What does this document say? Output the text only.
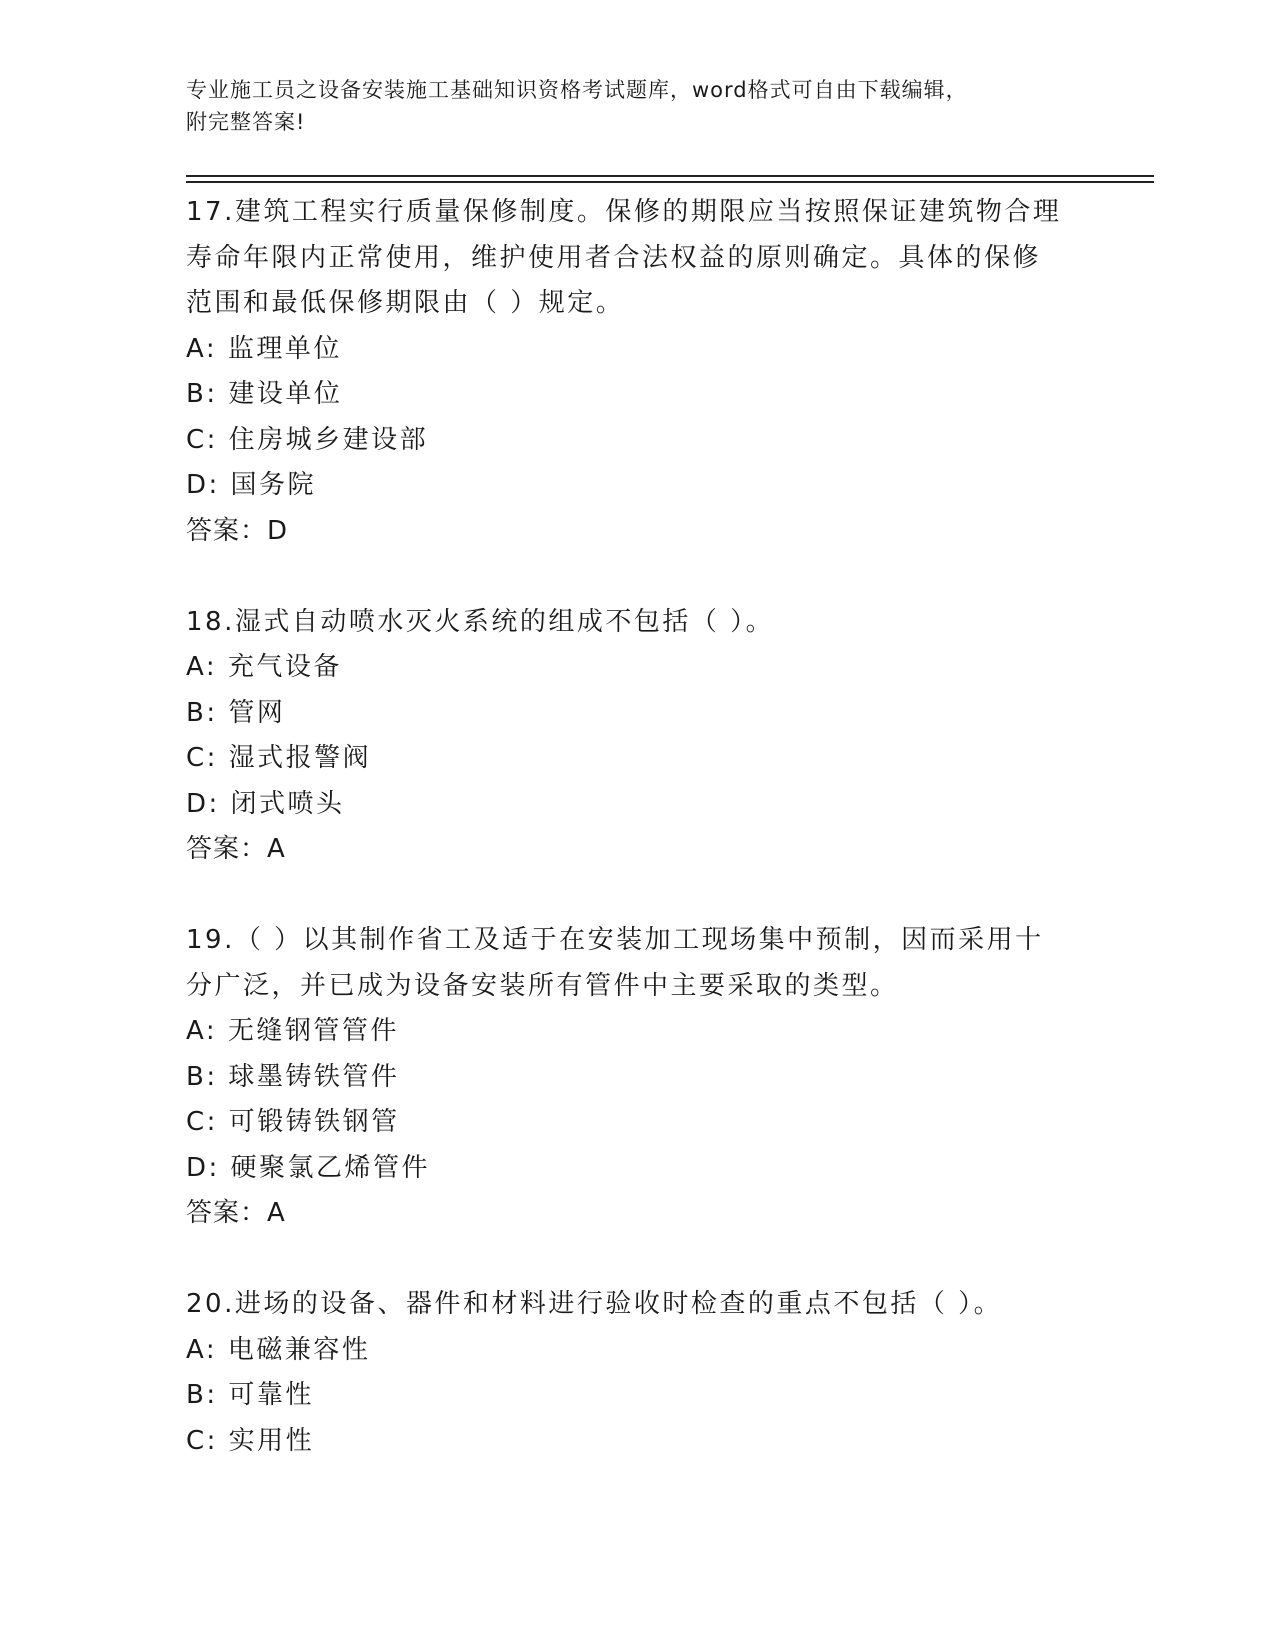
专业施工员之设备安装施工基础知识资格考试题库，word格式可自由下载编辑，
附完整答案!
17.建筑工程实行质量保修制度。保修的期限应当按照保证建筑物合理
寿命年限内正常使用，维护使用者合法权益的原则确定。具体的保修
范围和最低保修期限由（ ）规定。
A: 监理单位
B: 建设单位
C: 住房城乡建设部
D: 国务院
答案：D
18.湿式自动喷水灭火系统的组成不包括（ ）。
A: 充气设备
B: 管网
C: 湿式报警阀
D: 闭式喷头
答案：A
19.（ ）以其制作省工及适于在安装加工现场集中预制，因而采用十
分广泛，并已成为设备安装所有管件中主要采取的类型。
A: 无缝钢管管件
B: 球墨铸铁管件
C: 可锻铸铁钢管
D: 硬聚氯乙烯管件
答案：A
20.进场的设备、器件和材料进行验收时检查的重点不包括（ ）。
A: 电磁兼容性
B: 可靠性
C: 实用性
